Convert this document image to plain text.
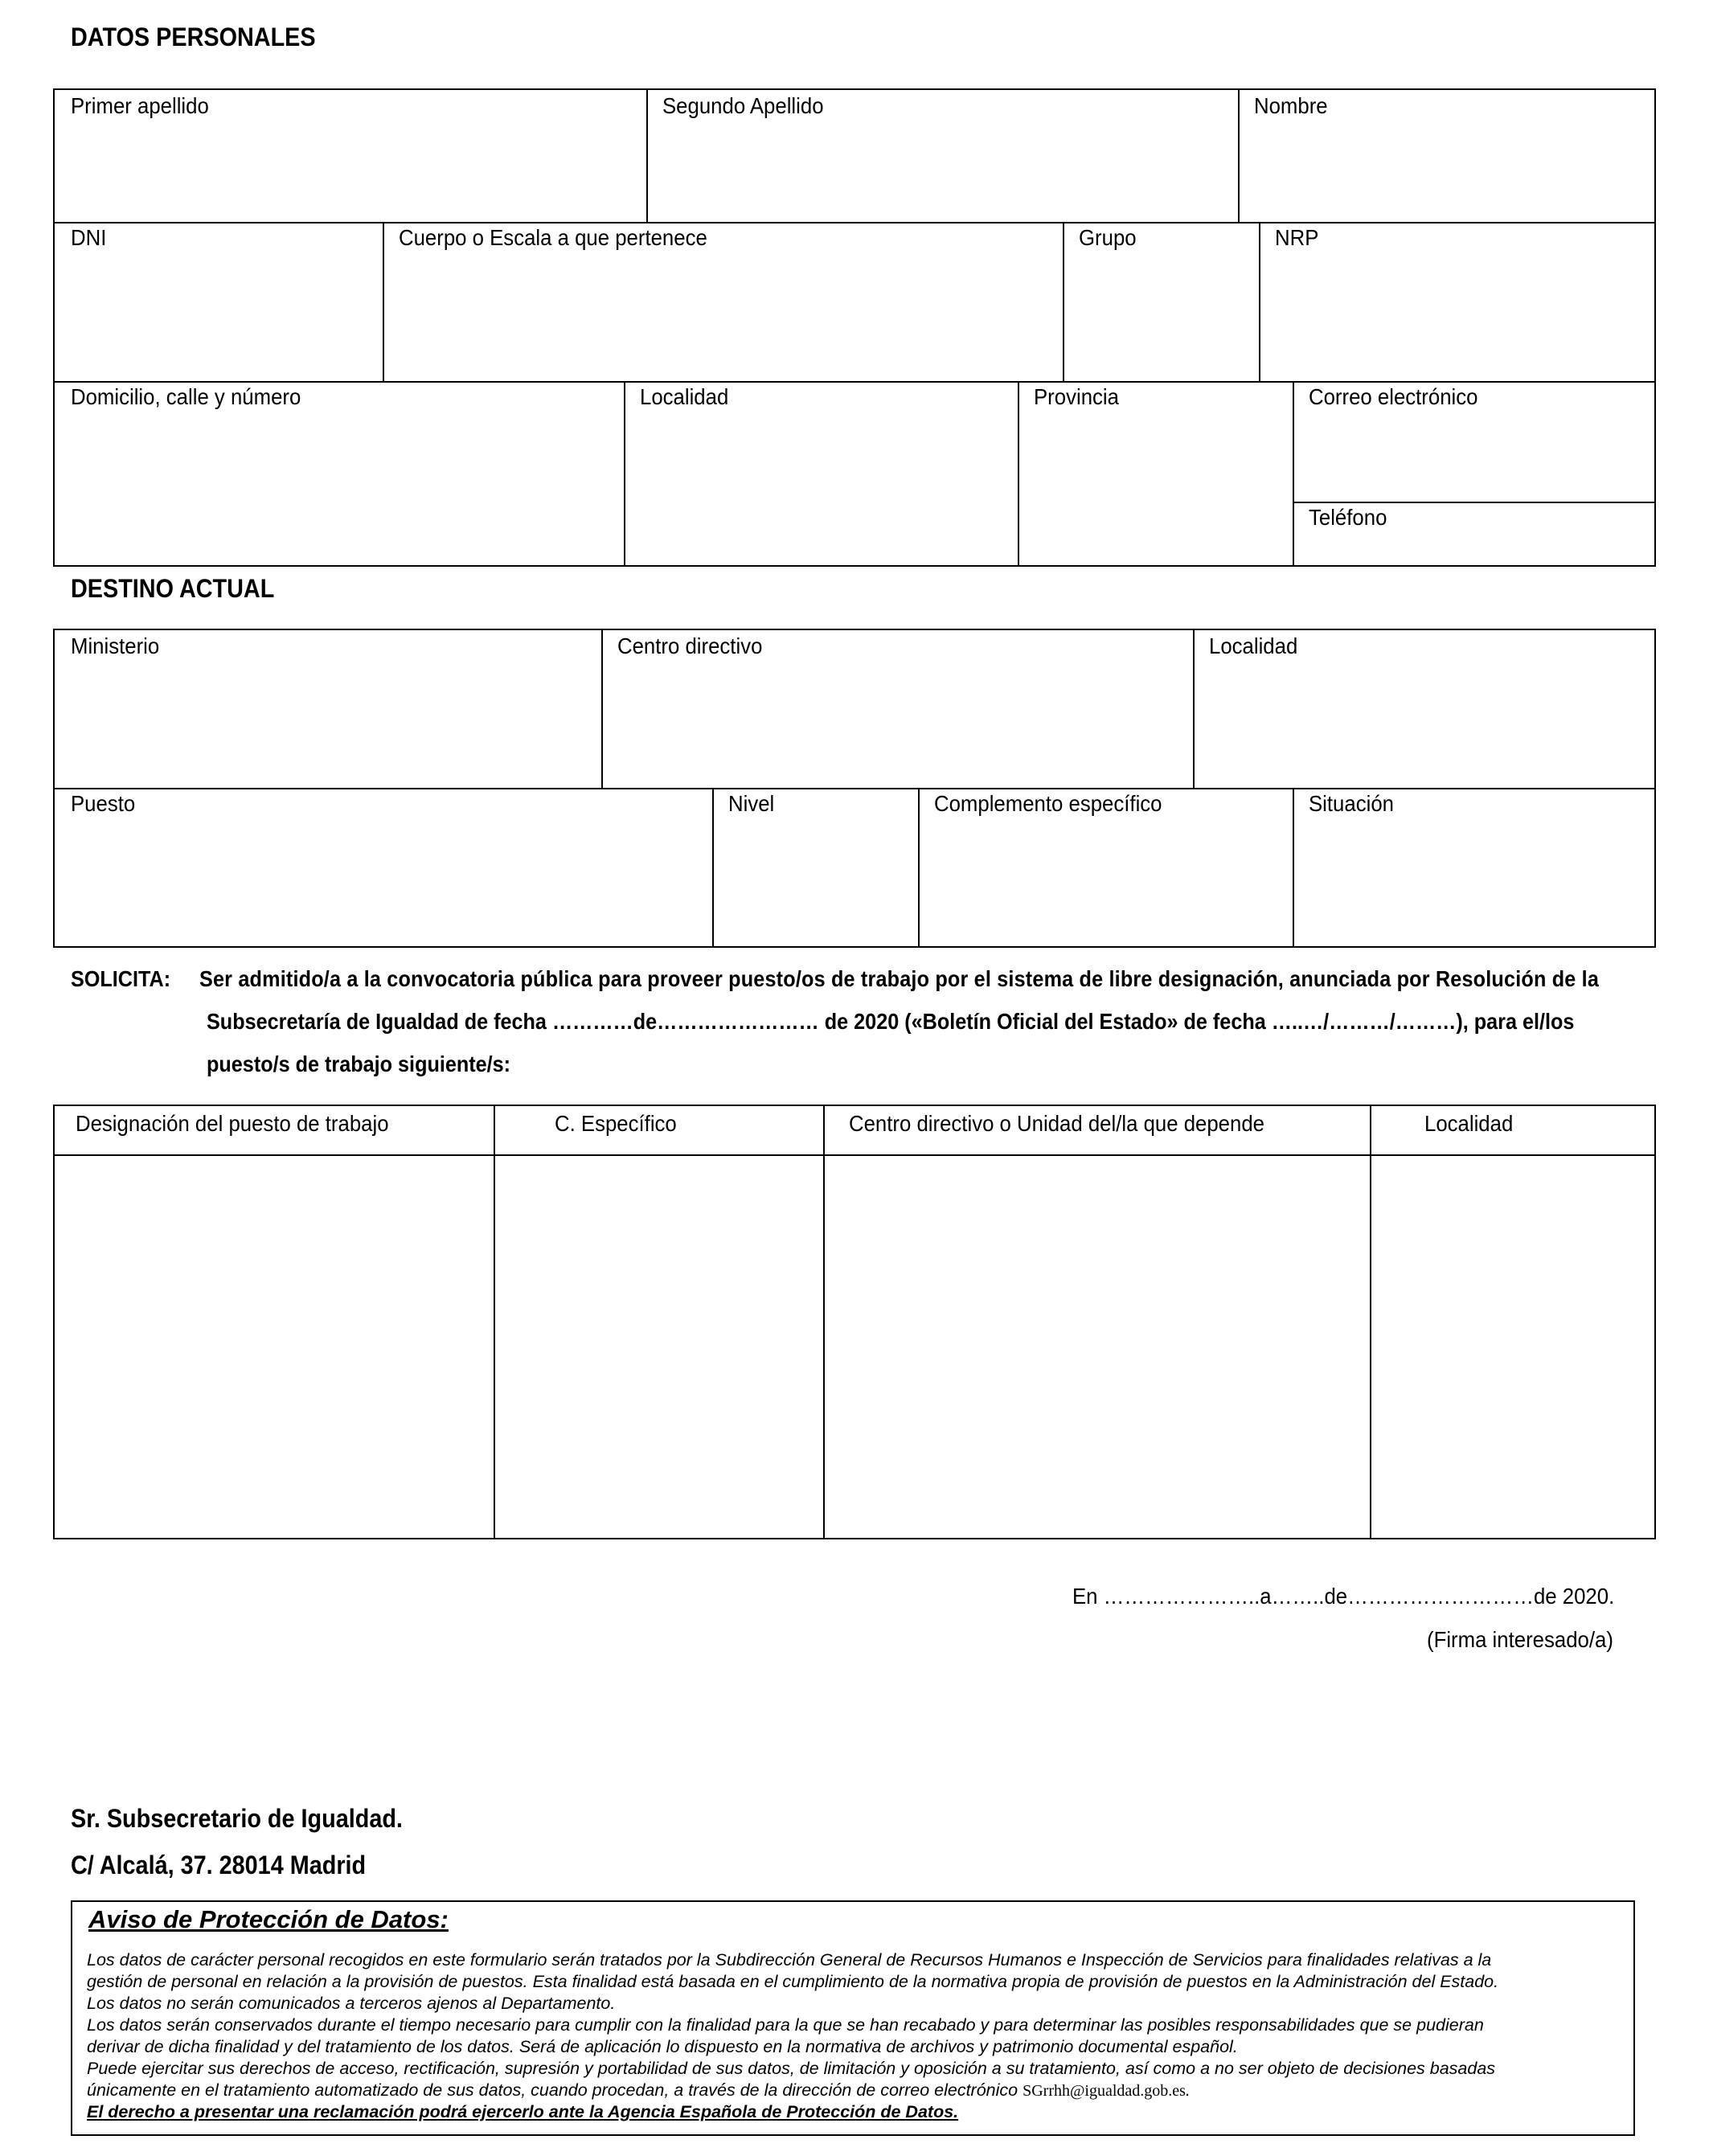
DATOS PERSONALES
Primer apellido	Segundo Apellido	Nombre
DNI	Cuerpo o Escala a que pertenece	Grupo	NRP
Domicilio, calle y número	Localidad	Provincia	Correo electrónico
Teléfono
DESTINO ACTUAL
Ministerio	Centro directivo	Localidad
Puesto	Nivel	Complemento específico	Situación
SOLICITA: Ser admitido/a a la convocatoria pública para proveer puesto/os de trabajo por el sistema de libre designación, anunciada por Resolución de la
Subsecretaría de Igualdad de fecha …………de…………………… de 2020 («Boletín Oficial del Estado» de fecha …..…/………/………), para el/los
puesto/s de trabajo siguiente/s:
Designación del puesto de trabajo	C. Específico	Centro directivo o Unidad del/la que depende	Localidad
En …………………..a……..de………………………de 2020.
(Firma interesado/a)
Sr. Subsecretario de Igualdad.
C/ Alcalá, 37. 28014 Madrid
Aviso de Protección de Datos:
Los datos de carácter personal recogidos en este formulario serán tratados por la Subdirección General de Recursos Humanos e Inspección de Servicios para finalidades relativas a la
gestión de personal en relación a la provisión de puestos. Esta finalidad está basada en el cumplimiento de la normativa propia de provisión de puestos en la Administración del Estado.
Los datos no serán comunicados a terceros ajenos al Departamento.
Los datos serán conservados durante el tiempo necesario para cumplir con la finalidad para la que se han recabado y para determinar las posibles responsabilidades que se pudieran
derivar de dicha finalidad y del tratamiento de los datos. Será de aplicación lo dispuesto en la normativa de archivos y patrimonio documental español.
Puede ejercitar sus derechos de acceso, rectificación, supresión y portabilidad de sus datos, de limitación y oposición a su tratamiento, así como a no ser objeto de decisiones basadas
únicamente en el tratamiento automatizado de sus datos, cuando procedan, a través de la dirección de correo electrónico SGrrhh@igualdad.gob.es.
El derecho a presentar una reclamación podrá ejercerlo ante la Agencia Española de Protección de Datos.
